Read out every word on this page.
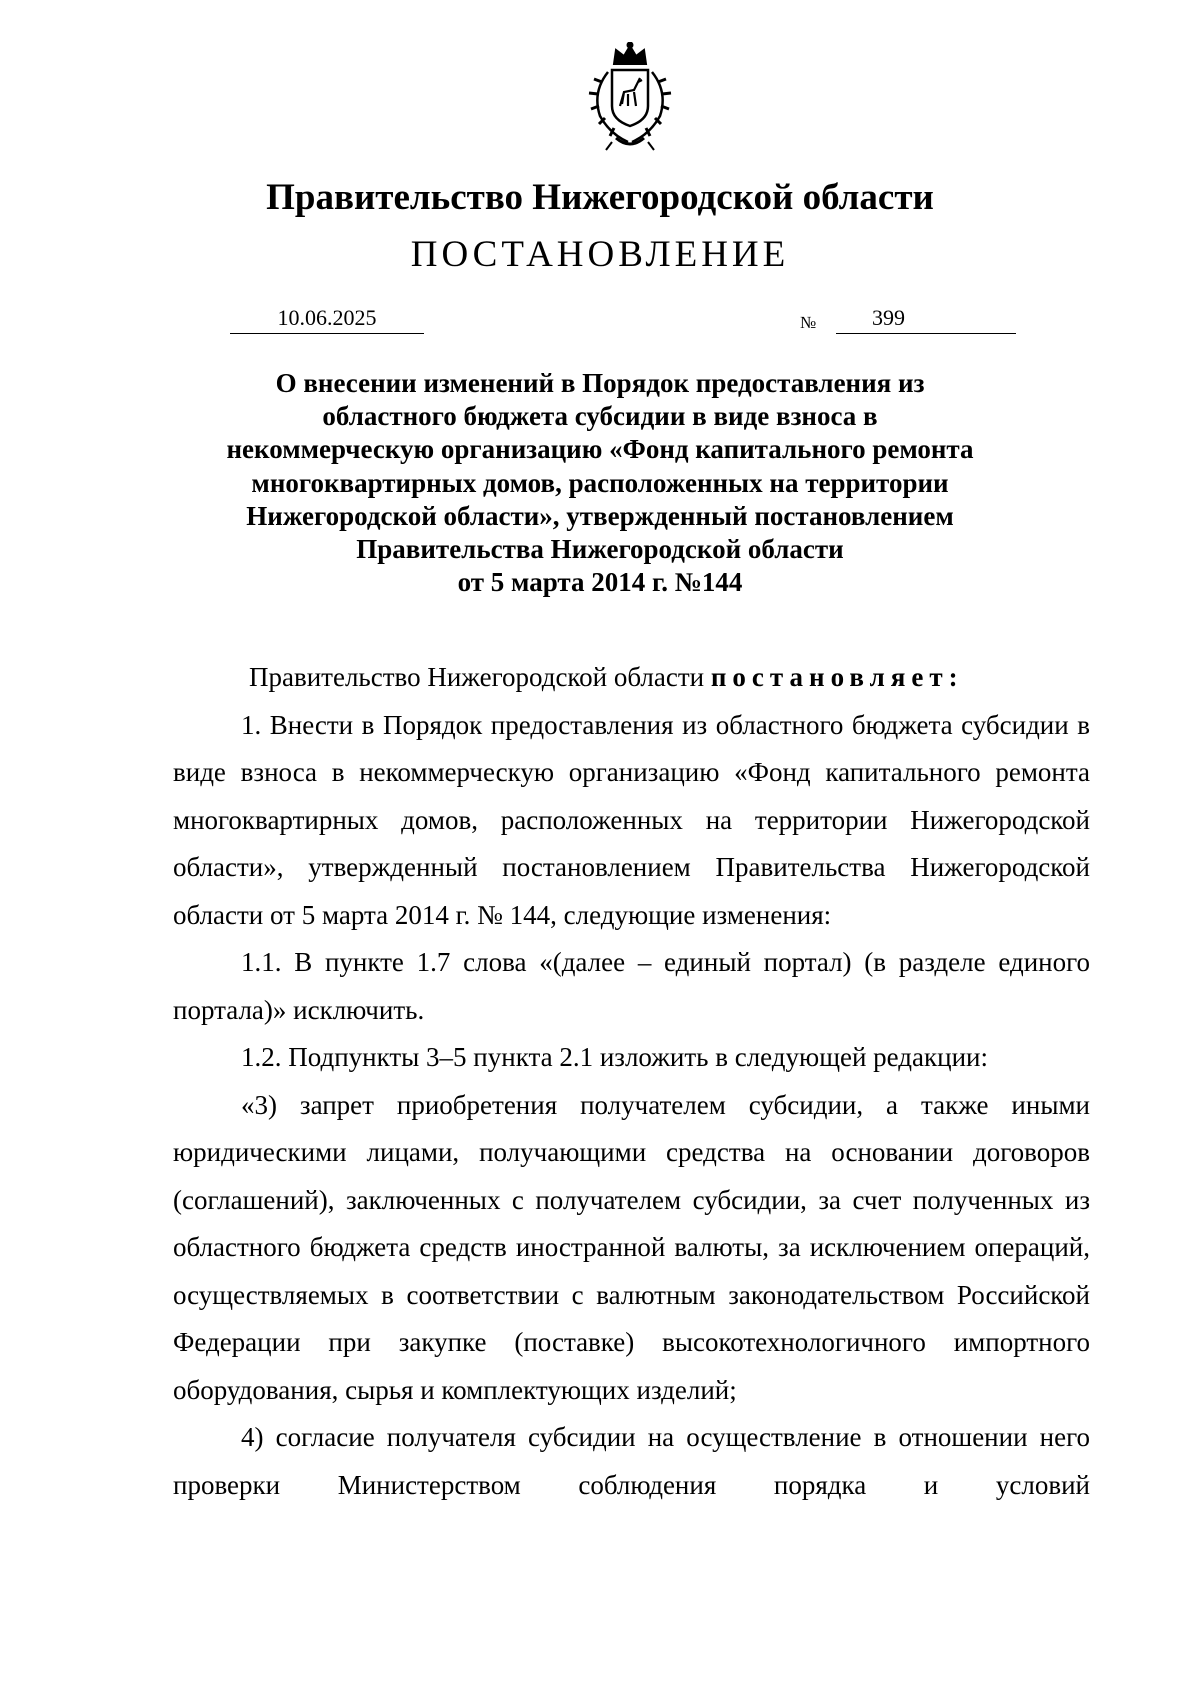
Правительство Нижегородской области
ПОСТАНОВЛЕНИЕ
10.06.2025	№	399
О внесении изменений в Порядок предоставления из
областного бюджета субсидии в виде взноса в
некоммерческую организацию «Фонд капитального ремонта
многоквартирных домов, расположенных на территории
Нижегородской области», утвержденный постановлением
Правительства Нижегородской области
от 5 марта 2014 г. №144

Правительство Нижегородской области постановляет:

1. Внести в Порядок предоставления из областного бюджета субсидии в виде взноса в некоммерческую организацию «Фонд капитального ремонта многоквартирных домов, расположенных на территории Нижегородской области», утвержденный постановлением Правительства Нижегородской области от 5 марта 2014 г. № 144, следующие изменения:

1.1. В пункте 1.7 слова «(далее – единый портал) (в разделе единого портала)» исключить.

1.2. Подпункты 3–5 пункта 2.1 изложить в следующей редакции:

«3) запрет приобретения получателем субсидии, а также иными юридическими лицами, получающими средства на основании договоров (соглашений), заключенных с получателем субсидии, за счет полученных из областного бюджета средств иностранной валюты, за исключением операций, осуществляемых в соответствии с валютным законодательством Российской Федерации при закупке (поставке) высокотехнологичного импортного оборудования, сырья и комплектующих изделий;

4) согласие получателя субсидии на осуществление в отношении него проверки Министерством соблюдения порядка и условий
